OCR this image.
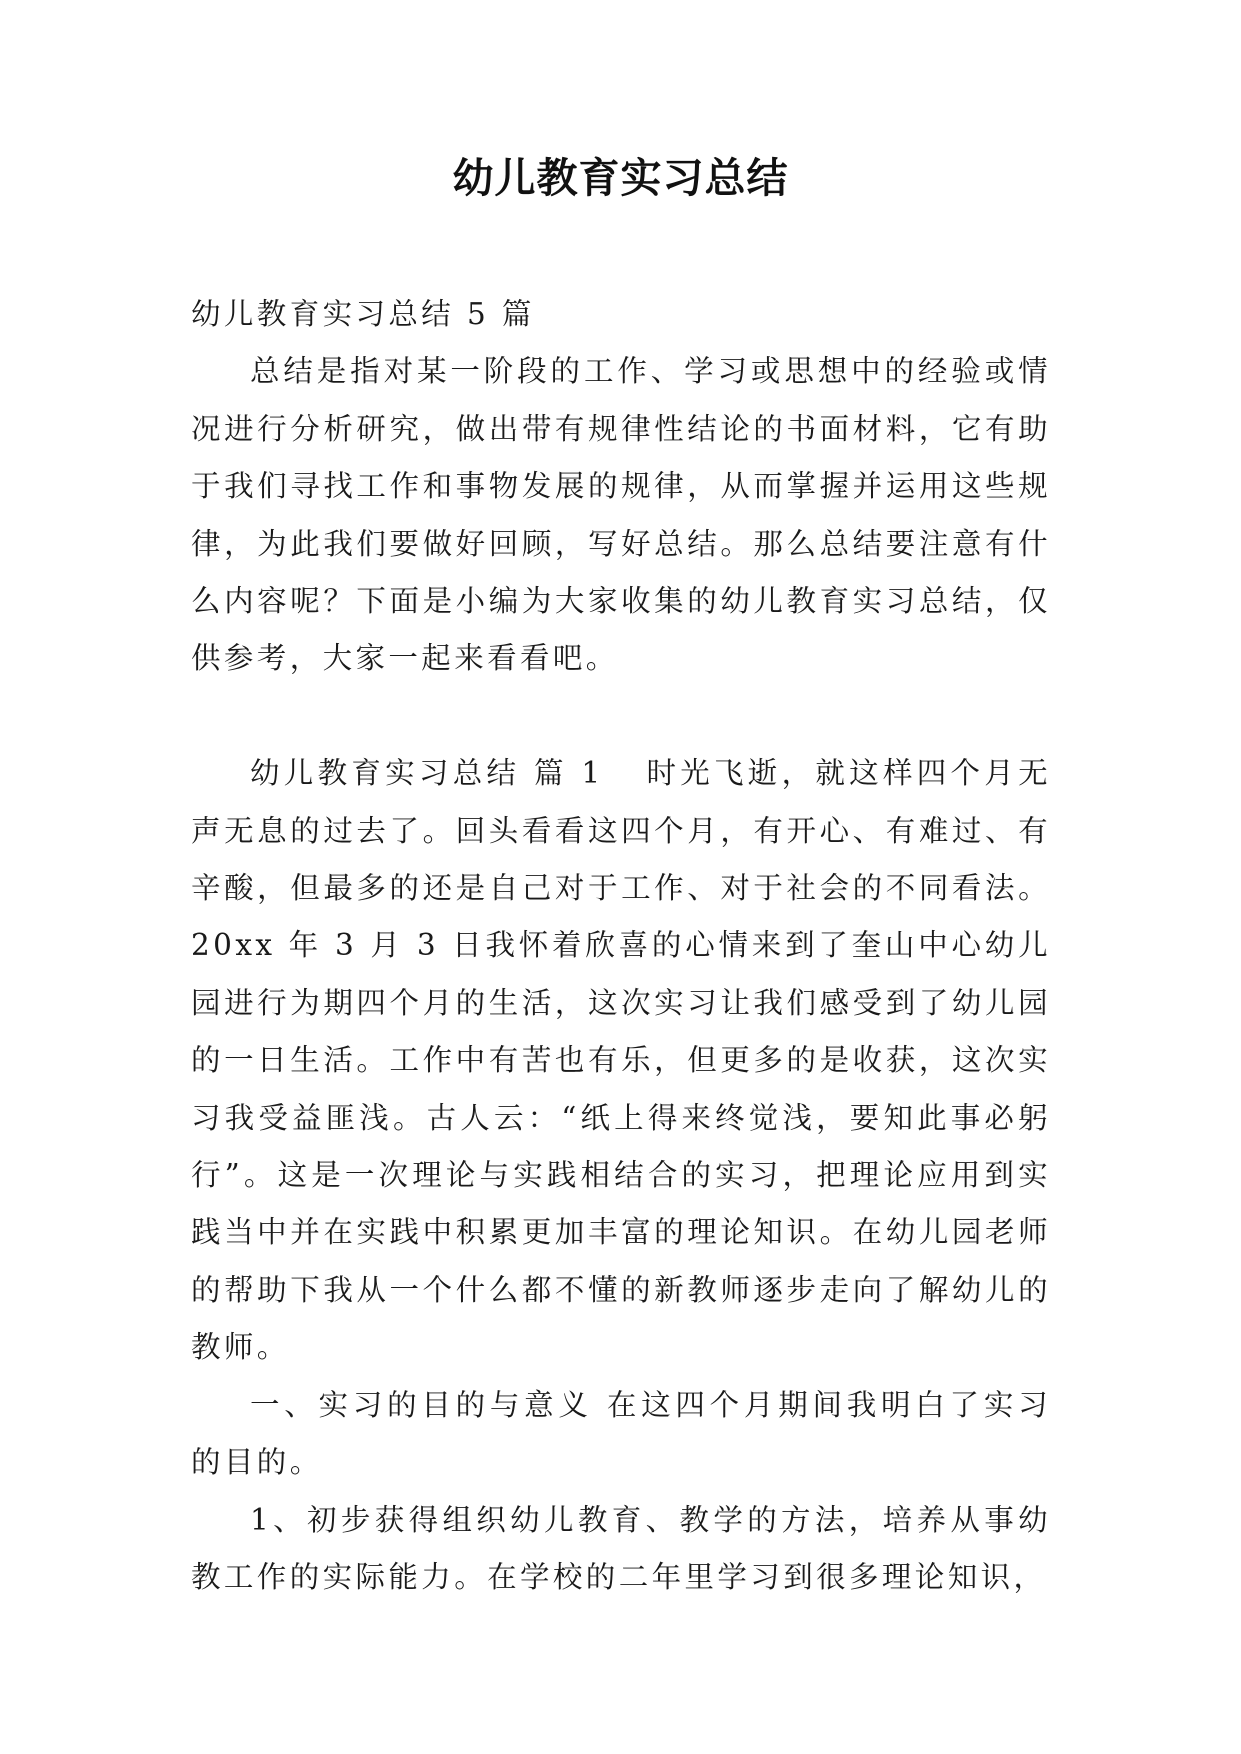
幼儿教育实习总结

幼儿教育实习总结 5 篇

总结是指对某一阶段的工作、学习或思想中的经验或情况进行分析研究，做出带有规律性结论的书面材料，它有助于我们寻找工作和事物发展的规律，从而掌握并运用这些规律，为此我们要做好回顾，写好总结。那么总结要注意有什么内容呢？下面是小编为大家收集的幼儿教育实习总结，仅供参考，大家一起来看看吧。

幼儿教育实习总结 篇 1 时光飞逝，就这样四个月无声无息的过去了。回头看看这四个月，有开心、有难过、有辛酸，但最多的还是自己对于工作、对于社会的不同看法。20xx 年 3 月 3 日我怀着欣喜的心情来到了奎山中心幼儿园进行为期四个月的生活，这次实习让我们感受到了幼儿园的一日生活。工作中有苦也有乐，但更多的是收获，这次实习我受益匪浅。古人云：“纸上得来终觉浅，要知此事必躬行”。这是一次理论与实践相结合的实习，把理论应用到实践当中并在实践中积累更加丰富的理论知识。在幼儿园老师的帮助下我从一个什么都不懂的新教师逐步走向了解幼儿的教师。

一、实习的目的与意义 在这四个月期间我明白了实习的目的。

1、初步获得组织幼儿教育、教学的方法，培养从事幼教工作的实际能力。在学校的二年里学习到很多理论知识，
